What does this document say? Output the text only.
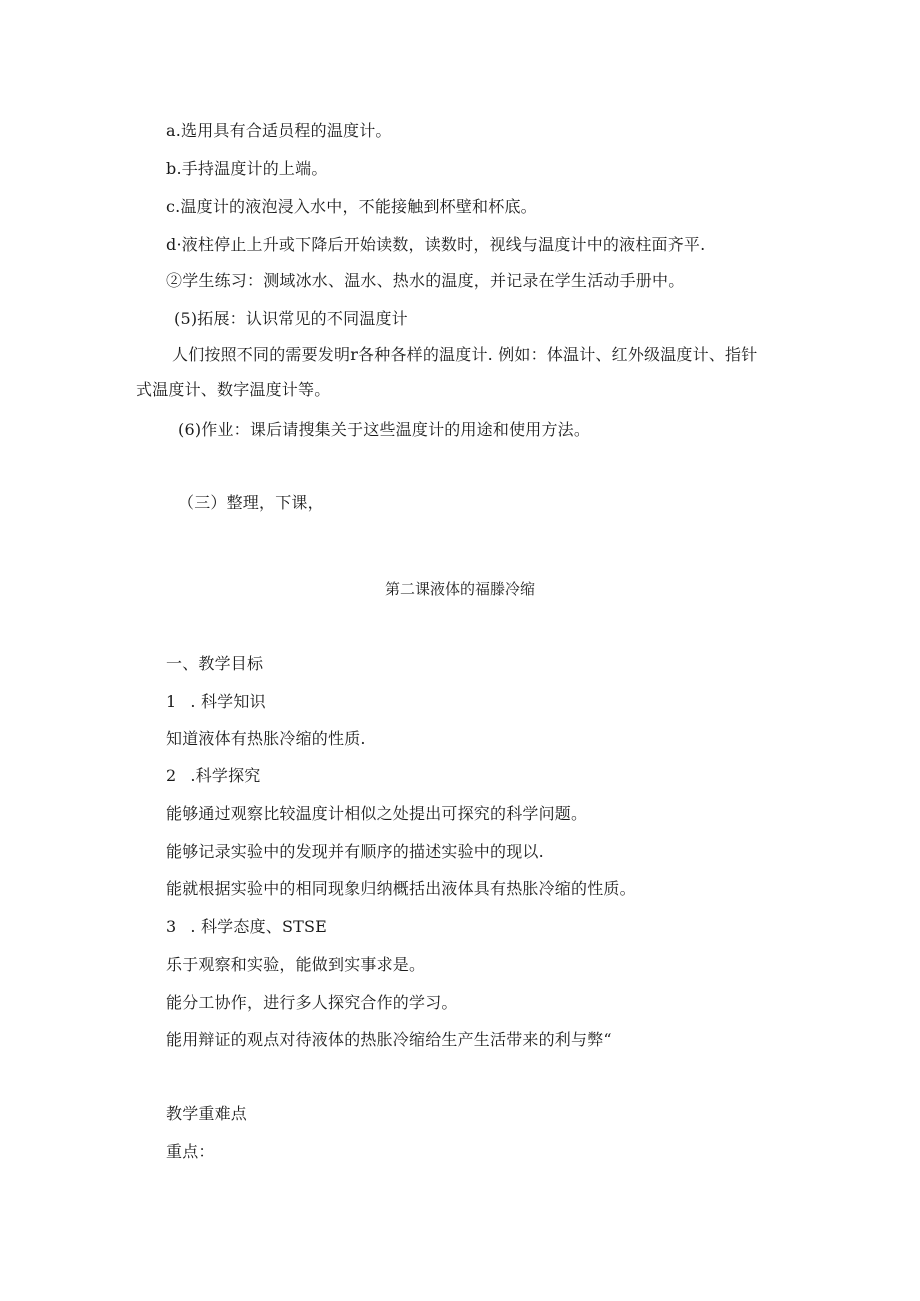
a.选用具有合适员程的温度计。
b.手持温度计的上端。
c.温度计的液泡浸入水中，不能接触到杯壁和杯底。
d·液柱停止上升或下降后开始读数，读数时，视线与温度计中的液柱面齐平.
②学生练习：测域冰水、温水、热水的温度，并记录在学生活动手册中。
(5)拓展：认识常见的不同温度计
人们按照不同的需要发明r各种各样的温度计. 例如：体温计、红外级温度计、指针
式温度计、数字温度计等。
(6)作业：课后请搜集关于这些温度计的用途和使用方法。
（三）整理，下课，
第二课液体的福滕冷缩
一、教学目标
1 . 科学知识
知道液体有热胀冷缩的性质.
2 .科学探究
能够通过观察比较温度计相似之处提出可探究的科学问题。
能够记录实验中的发现并有顺序的描述实验中的现以.
能就根据实验中的相同现象归纳概括出液体具有热胀冷缩的性质。
3 . 科学态度、STSE
乐于观察和实验，能做到实事求是。
能分工协作，进行多人探究合作的学习。
能用辩证的观点对待液体的热胀冷缩给生产生活带来的利与弊“
教学重难点
重点：
